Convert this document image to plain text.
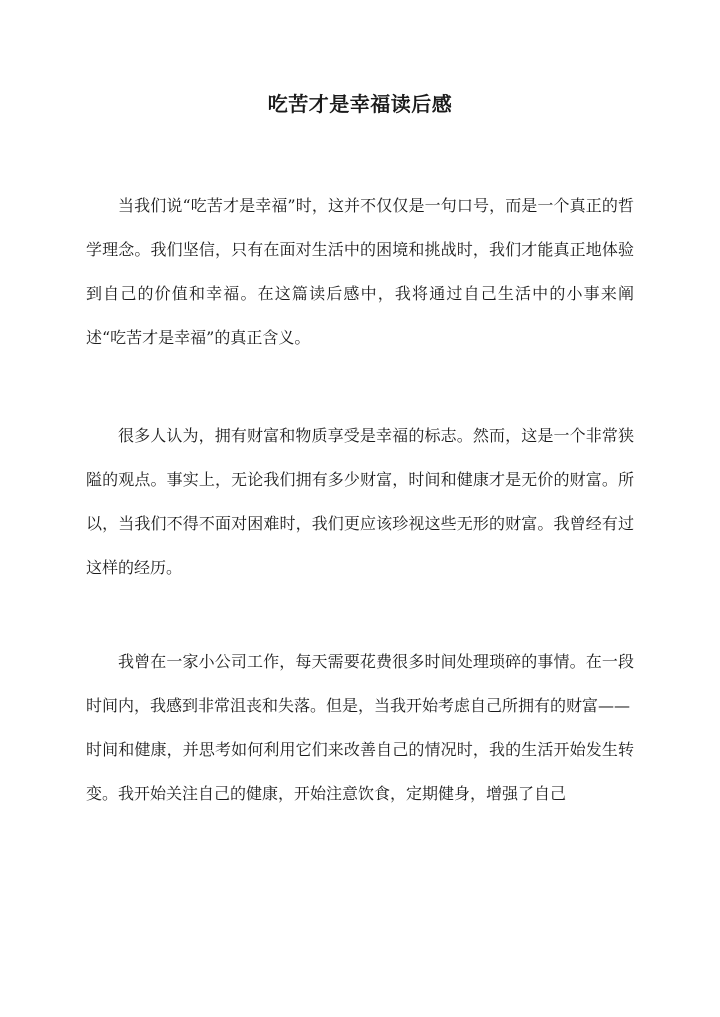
吃苦才是幸福读后感
当我们说“吃苦才是幸福”时，这并不仅仅是一句口号，而是一个真正的哲学理念。我们坚信，只有在面对生活中的困境和挑战时，我们才能真正地体验到自己的价值和幸福。在这篇读后感中，我将通过自己生活中的小事来阐述“吃苦才是幸福”的真正含义。
很多人认为，拥有财富和物质享受是幸福的标志。然而，这是一个非常狭隘的观点。事实上，无论我们拥有多少财富，时间和健康才是无价的财富。所以，当我们不得不面对困难时，我们更应该珍视这些无形的财富。我曾经有过这样的经历。
我曾在一家小公司工作，每天需要花费很多时间处理琐碎的事情。在一段时间内，我感到非常沮丧和失落。但是，当我开始考虑自己所拥有的财富——
时间和健康，并思考如何利用它们来改善自己的情况时，我的生活开始发生转变。我开始关注自己的健康，开始注意饮食，定期健身，增强了自己
